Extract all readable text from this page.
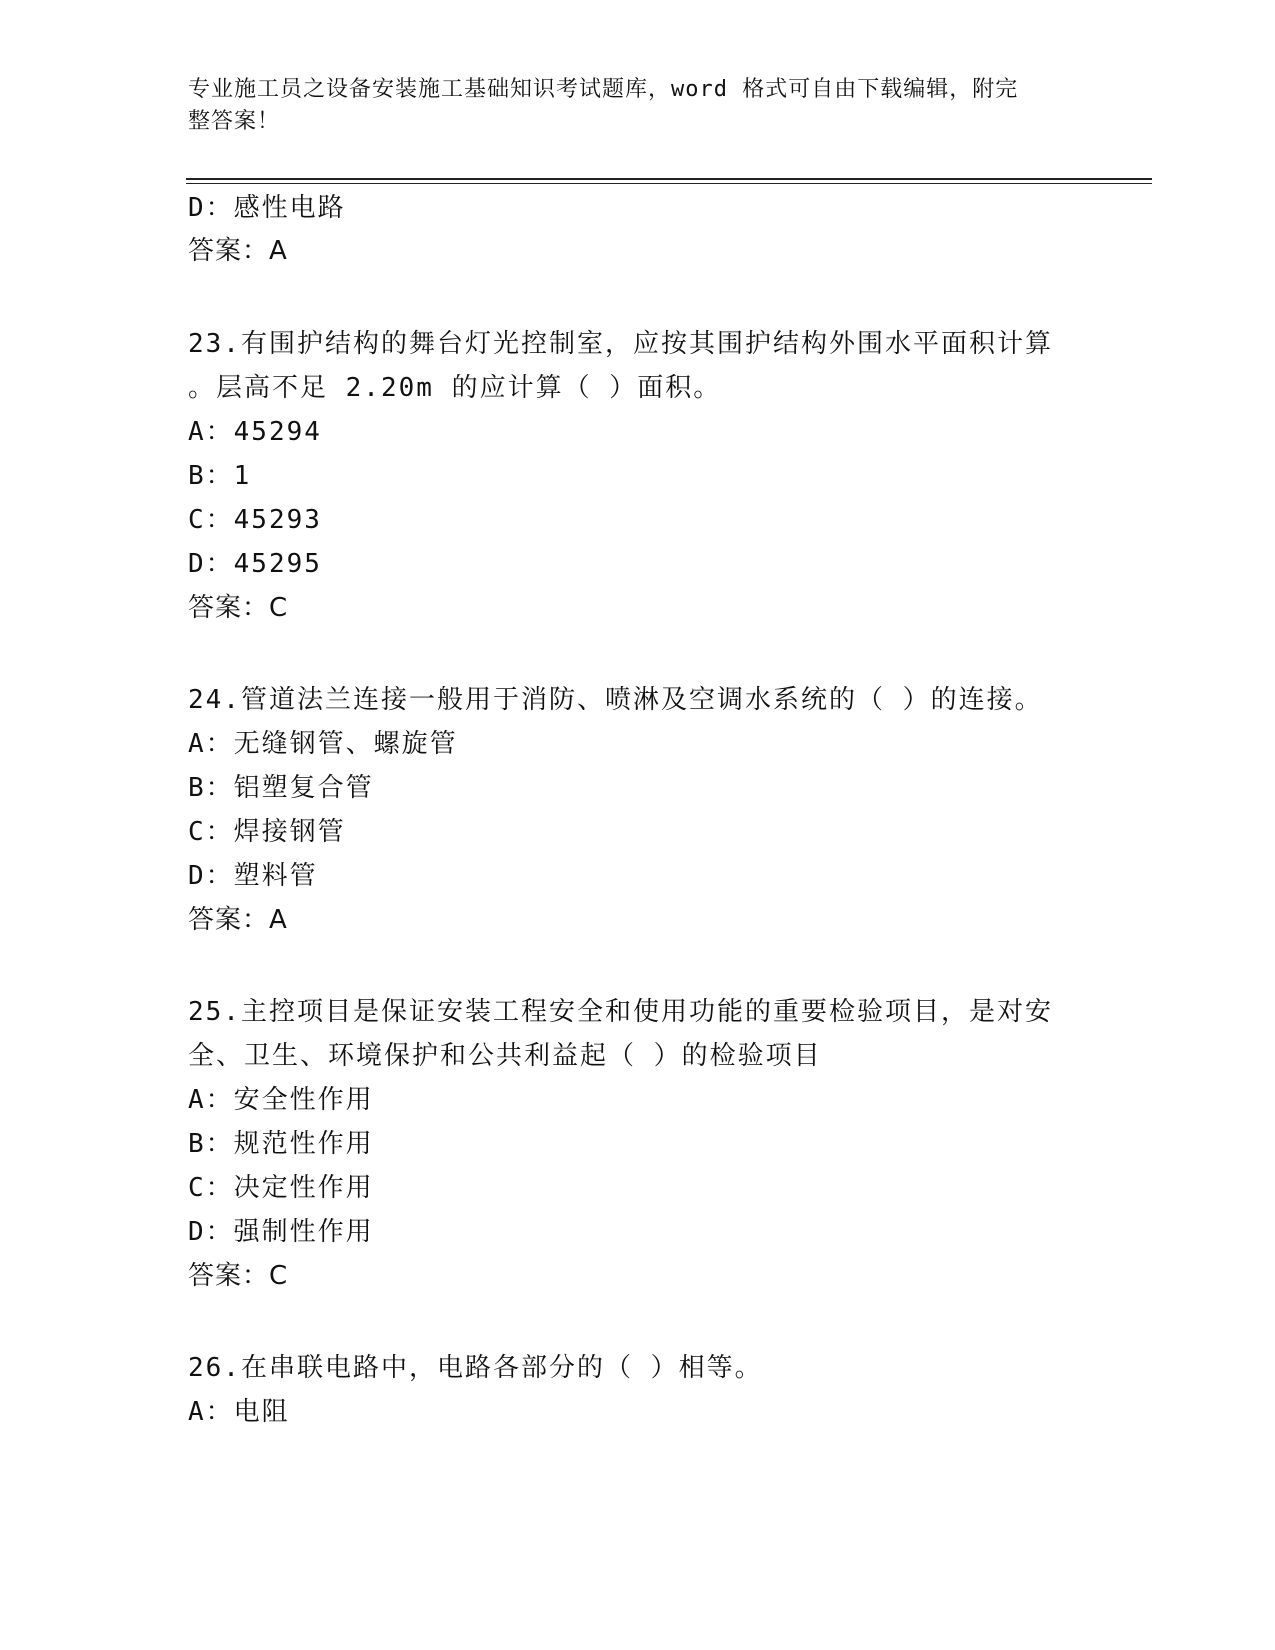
专业施工员之设备安装施工基础知识考试题库，word 格式可自由下载编辑，附完
整答案！
D：感性电路
答案：A
23.有围护结构的舞台灯光控制室，应按其围护结构外围水平面积计算
。层高不足 2.20m 的应计算（ ）面积。
A：45294
B：1
C：45293
D：45295
答案：C
24.管道法兰连接一般用于消防、喷淋及空调水系统的（ ）的连接。
A：无缝钢管、螺旋管
B：铝塑复合管
C：焊接钢管
D：塑料管
答案：A
25.主控项目是保证安装工程安全和使用功能的重要检验项目，是对安
全、卫生、环境保护和公共利益起（ ）的检验项目
A：安全性作用
B：规范性作用
C：决定性作用
D：强制性作用
答案：C
26.在串联电路中，电路各部分的（ ）相等。
A：电阻
